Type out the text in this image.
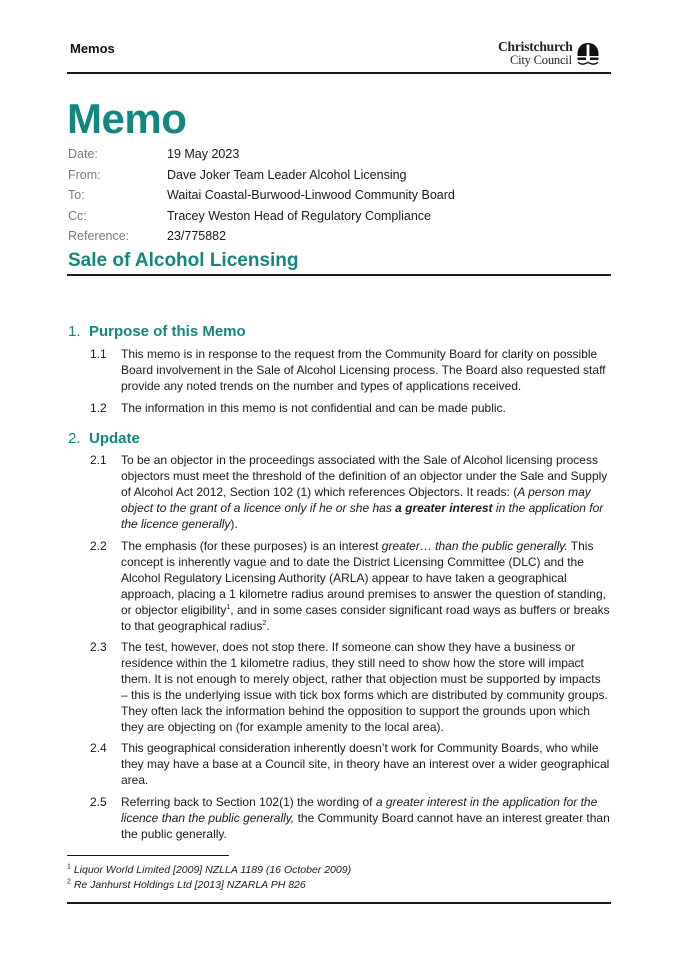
Memos	Christchurch
City Council
Memo
Date:	19 May 2023
From:	Dave Joker Team Leader Alcohol Licensing
To:	Waitai Coastal-Burwood-Linwood Community Board
Cc:	Tracey Weston Head of Regulatory Compliance
Reference:	23/775882
Sale of Alcohol Licensing
1. Purpose of this Memo
1.1	This memo is in response to the request from the Community Board for clarity on possible Board involvement in the Sale of Alcohol Licensing process. The Board also requested staff provide any noted trends on the number and types of applications received.
1.2	The information in this memo is not confidential and can be made public.
2. Update
2.1	To be an objector in the proceedings associated with the Sale of Alcohol licensing process objectors must meet the threshold of the definition of an objector under the Sale and Supply of Alcohol Act 2012, Section 102 (1) which references Objectors. It reads: (A person may object to the grant of a licence only if he or she has a greater interest in the application for the licence generally).
2.2	The emphasis (for these purposes) is an interest greater… than the public generally. This concept is inherently vague and to date the District Licensing Committee (DLC) and the Alcohol Regulatory Licensing Authority (ARLA) appear to have taken a geographical approach, placing a 1 kilometre radius around premises to answer the question of standing, or objector eligibility$^1$, and in some cases consider significant road ways as buffers or breaks to that geographical radius$^2$.
2.3	The test, however, does not stop there. If someone can show they have a business or residence within the 1 kilometre radius, they still need to show how the store will impact them. It is not enough to merely object, rather that objection must be supported by impacts – this is the underlying issue with tick box forms which are distributed by community groups. They often lack the information behind the opposition to support the grounds upon which they are objecting on (for example amenity to the local area).
2.4	This geographical consideration inherently doesn’t work for Community Boards, who while they may have a base at a Council site, in theory have an interest over a wider geographical area.
2.5	Referring back to Section 102(1) the wording of a greater interest in the application for the licence than the public generally, the Community Board cannot have an interest greater than the public generally.
$^1$ Liquor World Limited [2009] NZLLA 1189 (16 October 2009)
$^2$ Re Janhurst Holdings Ltd [2013] NZARLA PH 826
